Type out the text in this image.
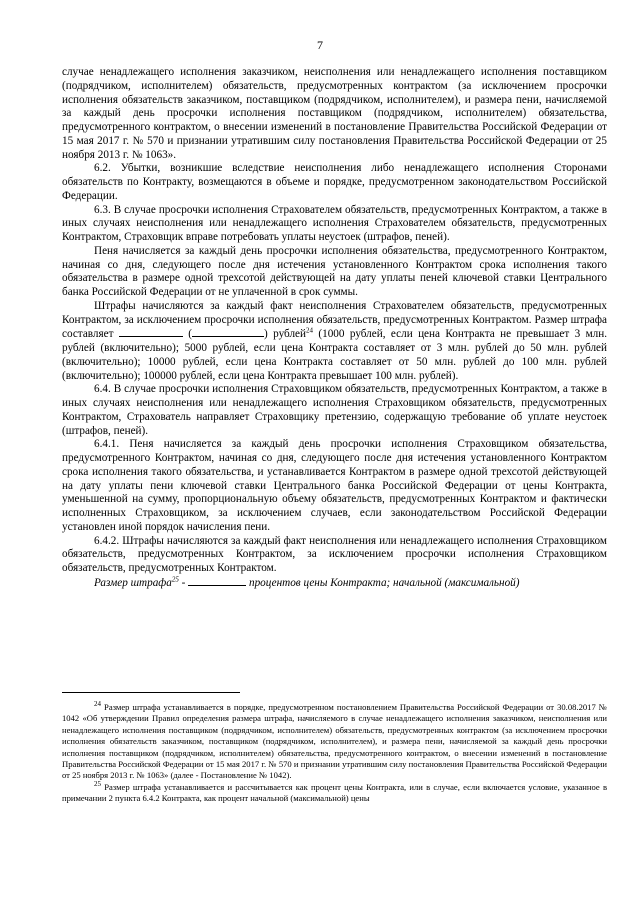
7

случае ненадлежащего исполнения заказчиком, неисполнения или ненадлежащего исполнения поставщиком (подрядчиком, исполнителем) обязательств, предусмотренных контрактом (за исключением просрочки исполнения обязательств заказчиком, поставщиком (подрядчиком, исполнителем), и размера пени, начисляемой за каждый день просрочки исполнения поставщиком (подрядчиком, исполнителем) обязательства, предусмотренного контрактом, о внесении изменений в постановление Правительства Российской Федерации от 15 мая 2017 г. № 570 и признании утратившим силу постановления Правительства Российской Федерации от 25 ноября 2013 г. № 1063».

6.2. Убытки, возникшие вследствие неисполнения либо ненадлежащего исполнения Сторонами обязательств по Контракту, возмещаются в объеме и порядке, предусмотренном законодательством Российской Федерации.

6.3. В случае просрочки исполнения Страхователем обязательств, предусмотренных Контрактом, а также в иных случаях неисполнения или ненадлежащего исполнения Страхователем обязательств, предусмотренных Контрактом, Страховщик вправе потребовать уплаты неустоек (штрафов, пеней).

Пеня начисляется за каждый день просрочки исполнения обязательства, предусмотренного Контрактом, начиная со дня, следующего после дня истечения установленного Контрактом срока исполнения такого обязательства в размере одной трехсотой действующей на дату уплаты пеней ключевой ставки Центрального банка Российской Федерации от не уплаченной в срок суммы.

Штрафы начисляются за каждый факт неисполнения Страхователем обязательств, предусмотренных Контрактом, за исключением просрочки исполнения обязательств, предусмотренных Контрактом. Размер штрафа составляет	(	) рублей$^{24}$ (1000 рублей, если цена Контракта не превышает 3 млн. рублей (включительно); 5000 рублей, если цена Контракта составляет от 3 млн. рублей до 50 млн. рублей (включительно); 10000 рублей, если цена Контракта составляет от 50 млн. рублей до 100 млн. рублей (включительно); 100000 рублей, если цена Контракта превышает 100 млн. рублей).

6.4. В случае просрочки исполнения Страховщиком обязательств, предусмотренных Контрактом, а также в иных случаях неисполнения или ненадлежащего исполнения Страховщиком обязательств, предусмотренных Контрактом, Страхователь направляет Страховщику претензию, содержащую требование об уплате неустоек (штрафов, пеней).

6.4.1. Пеня начисляется за каждый день просрочки исполнения Страховщиком обязательства, предусмотренного Контрактом, начиная со дня, следующего после дня истечения установленного Контрактом срока исполнения такого обязательства, и устанавливается Контрактом в размере одной трехсотой действующей на дату уплаты пени ключевой ставки Центрального банка Российской Федерации от цены Контракта, уменьшенной на сумму, пропорциональную объему обязательств, предусмотренных Контрактом и фактически исполненных Страховщиком, за исключением случаев, если законодательством Российской Федерации установлен иной порядок начисления пени.

6.4.2. Штрафы начисляются за каждый факт неисполнения или ненадлежащего исполнения Страховщиком обязательств, предусмотренных Контрактом, за исключением просрочки исполнения Страховщиком обязательств, предусмотренных Контрактом.

Размер штрафа$^{25}$ -	процентов цены Контракта; начальной (максимальной)

$^{24}$ Размер штрафа устанавливается в порядке, предусмотренном постановлением Правительства Российской Федерации от 30.08.2017 № 1042 «Об утверждении Правил определения размера штрафа, начисляемого в случае ненадлежащего исполнения заказчиком, неисполнения или ненадлежащего исполнения поставщиком (подрядчиком, исполнителем) обязательств, предусмотренных контрактом (за исключением просрочки исполнения обязательств заказчиком, поставщиком (подрядчиком, исполнителем), и размера пени, начисляемой за каждый день просрочки исполнения поставщиком (подрядчиком, исполнителем) обязательства, предусмотренного контрактом, о внесении изменений в постановление Правительства Российской Федерации от 15 мая 2017 г. № 570 и признании утратившим силу постановления Правительства Российской Федерации от 25 ноября 2013 г. № 1063» (далее - Постановление № 1042).

$^{25}$ Размер штрафа устанавливается и рассчитывается как процент цены Контракта, или в случае, если включается условие, указанное в примечании 2 пункта 6.4.2 Контракта, как процент начальной (максимальной) цены
